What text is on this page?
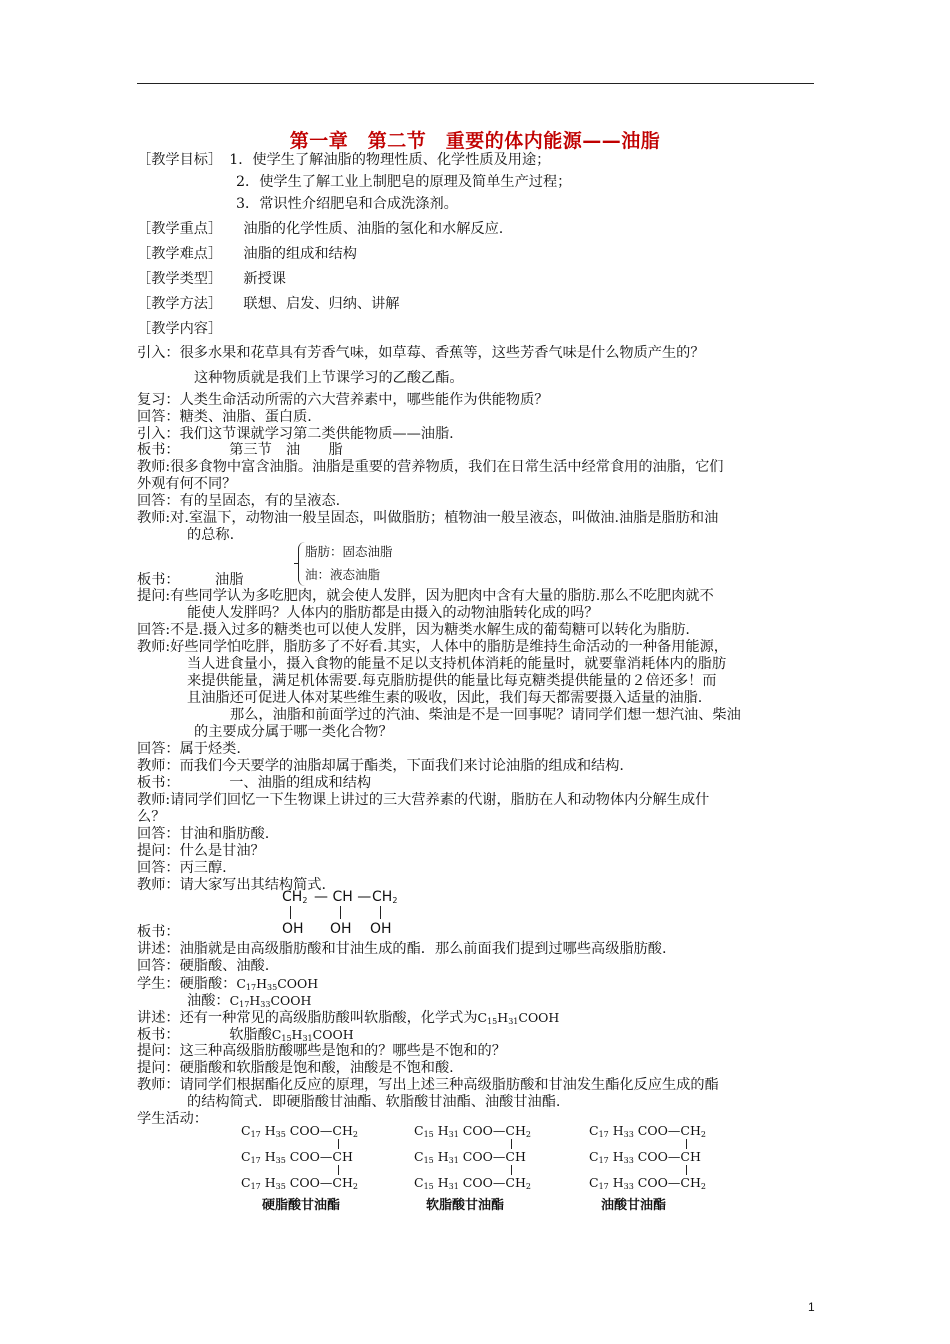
第一章　第二节　重要的体内能源——油脂
［教学目标］　1．使学生了解油脂的物理性质、化学性质及用途；
2．使学生了解工业上制肥皂的原理及简单生产过程；
3．常识性介绍肥皂和合成洗涤剂。
［教学重点］　　油脂的化学性质、油脂的氢化和水解反应.
［教学难点］　　油脂的组成和结构
［教学类型］　　新授课
［教学方法］　　联想、启发、归纳、讲解
［教学内容］
引入：很多水果和花草具有芳香气味，如草莓、香蕉等，这些芳香气味是什么物质产生的？
这种物质就是我们上节课学习的乙酸乙酯。
复习：人类生命活动所需的六大营养素中，哪些能作为供能物质？
回答：糖类、油脂、蛋白质.
引入：我们这节课就学习第二类供能物质——油脂.
板书：　　　　第三节　油　　脂
教师:很多食物中富含油脂。油脂是重要的营养物质，我们在日常生活中经常食用的油脂，它们
外观有何不同？
回答：有的呈固态，有的呈液态.
教师:对.室温下，动物油一般呈固态，叫做脂肪；植物油一般呈液态，叫做油.油脂是脂肪和油
的总称.
脂肪：固态油脂
油：液态油脂
板书：　　　油脂
提问:有些同学认为多吃肥肉，就会使人发胖，因为肥肉中含有大量的脂肪.那么不吃肥肉就不
能使人发胖吗？人体内的脂肪都是由摄入的动物油脂转化成的吗？
回答:不是.摄入过多的糖类也可以使人发胖，因为糖类水解生成的葡萄糖可以转化为脂肪.
教师:好些同学怕吃胖，脂肪多了不好看.其实，人体中的脂肪是维持生命活动的一种备用能源，
当人进食量小，摄入食物的能量不足以支持机体消耗的能量时，就要靠消耗体内的脂肪
来提供能量，满足机体需要.每克脂肪提供的能量比每克糖类提供能量的２倍还多！而
且油脂还可促进人体对某些维生素的吸收，因此，我们每天都需要摄入适量的油脂.
那么，油脂和前面学过的汽油、柴油是不是一回事呢？请同学们想一想汽油、柴油
的主要成分属于哪一类化合物？
回答：属于烃类.
教师：而我们今天要学的油脂却属于酯类，下面我们来讨论油脂的组成和结构.
板书：　　　　一、油脂的组成和结构
教师:请同学们回忆一下生物课上讲过的三大营养素的代谢，脂肪在人和动物体内分解生成什
么？
回答：甘油和脂肪酸.
提问：什么是甘油？
回答：丙三醇.
教师：请大家写出其结构简式.
$CH_2$ — CH — $CH_2$
OH OH OH
板书：
讲述：油脂就是由高级脂肪酸和甘油生成的酯．那么前面我们提到过哪些高级脂肪酸.
回答：硬脂酸、油酸.
学生：硬脂酸：$C_{17}H_{35}COOH$
油酸：$C_{17}H_{33}COOH$
讲述：还有一种常见的高级脂肪酸叫软脂酸，化学式为$C_{15}H_{31}COOH$
板书：　　　　软脂酸$C_{15}H_{31}COOH$
提问：这三种高级脂肪酸哪些是饱和的？哪些是不饱和的？
提问：硬脂酸和软脂酸是饱和酸，油酸是不饱和酸.
教师：请同学们根据酯化反应的原理，写出上述三种高级脂肪酸和甘油发生酯化反应生成的酯
的结构简式．即硬脂酸甘油酯、软脂酸甘油酯、油酸甘油酯.
学生活动：
$C_{17}$ $H_{35}$ $COO—CH_2$
$C_{17}$ $H_{35}$ COO—CH
$C_{17}$ $H_{35}$ $COO—CH_2$
硬脂酸甘油酯
$C_{15}$ $H_{31}$ $COO—CH_2$
$C_{15}$ $H_{31}$ COO—CH
$C_{15}$ $H_{31}$ $COO—CH_2$
软脂酸甘油酯
$C_{17}$ $H_{33}$ $COO—CH_2$
$C_{17}$ $H_{33}$ COO—CH
$C_{17}$ $H_{33}$ $COO—CH_2$
油酸甘油酯
1
